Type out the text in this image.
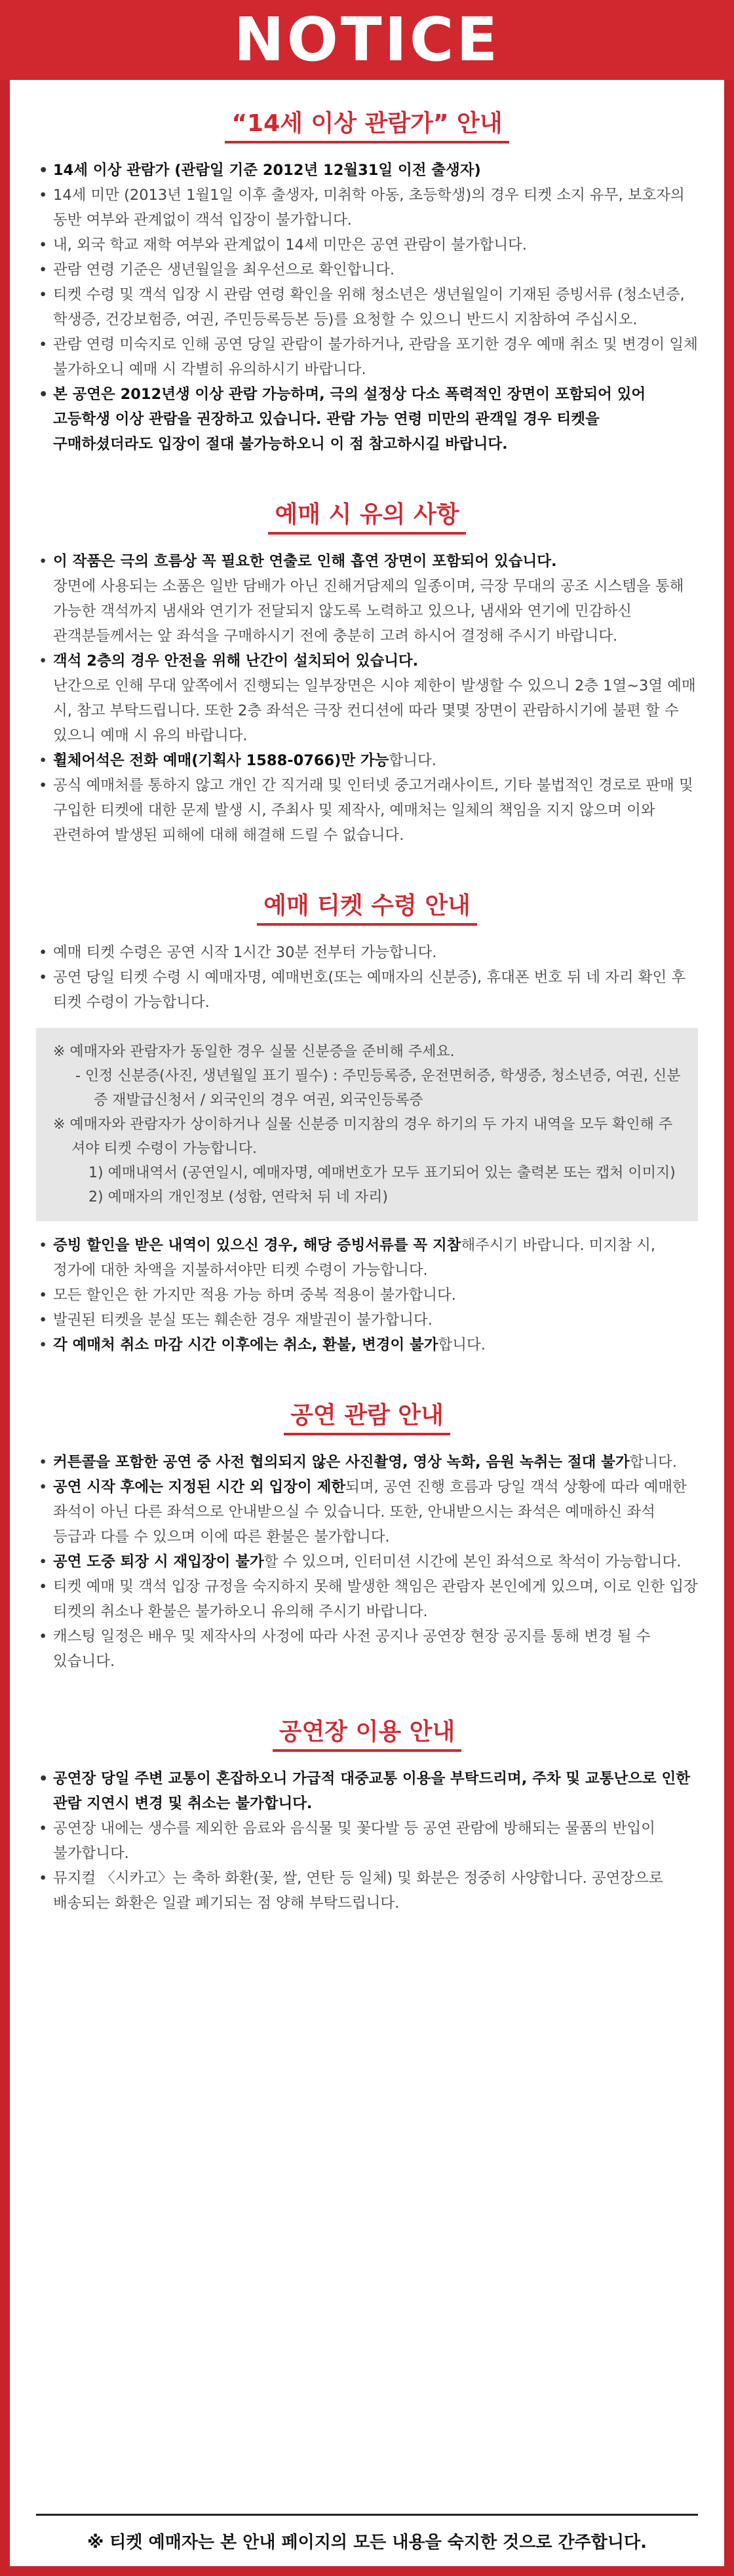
NOTICE
“14세 이상 관람가” 안내
• 14세 이상 관람가 (관람일 기준 2012년 12월31일 이전 출생자)
• 14세 미만 (2013년 1월1일 이후 출생자, 미취학 아동, 초등학생)의 경우 티켓 소지 유무, 보호자의 동반 여부와 관계없이 객석 입장이 불가합니다.
• 내, 외국 학교 재학 여부와 관계없이 14세 미만은 공연 관람이 불가합니다.
• 관람 연령 기준은 생년월일을 최우선으로 확인합니다.
• 티켓 수령 및 객석 입장 시 관람 연령 확인을 위해 청소년은 생년월일이 기재된 증빙서류 (청소년증, 학생증, 건강보험증, 여권, 주민등록등본 등)를 요청할 수 있으니 반드시 지참하여 주십시오.
• 관람 연령 미숙지로 인해 공연 당일 관람이 불가하거나, 관람을 포기한 경우 예매 취소 및 변경이 일체 불가하오니 예매 시 각별히 유의하시기 바랍니다.
• 본 공연은 2012년생 이상 관람 가능하며, 극의 설정상 다소 폭력적인 장면이 포함되어 있어 고등학생 이상 관람을 권장하고 있습니다. 관람 가능 연령 미만의 관객일 경우 티켓을 구매하셨더라도 입장이 절대 불가능하오니 이 점 참고하시길 바랍니다.
예매 시 유의 사항
• 이 작품은 극의 흐름상 꼭 필요한 연출로 인해 흡연 장면이 포함되어 있습니다.
장면에 사용되는 소품은 일반 담배가 아닌 진해거담제의 일종이며, 극장 무대의 공조 시스템을 통해 가능한 객석까지 냄새와 연기가 전달되지 않도록 노력하고 있으나, 냄새와 연기에 민감하신 관객분들께서는 앞 좌석을 구매하시기 전에 충분히 고려 하시어 결정해 주시기 바랍니다.
• 객석 2층의 경우 안전을 위해 난간이 설치되어 있습니다.
난간으로 인해 무대 앞쪽에서 진행되는 일부장면은 시야 제한이 발생할 수 있으니 2층 1열~3열 예매 시, 참고 부탁드립니다. 또한 2층 좌석은 극장 컨디션에 따라 몇몇 장면이 관람하시기에 불편 할 수 있으니 예매 시 유의 바랍니다.
• 휠체어석은 전화 예매(기획사 1588-0766)만 가능합니다.
• 공식 예매처를 통하지 않고 개인 간 직거래 및 인터넷 중고거래사이트, 기타 불법적인 경로로 판매 및 구입한 티켓에 대한 문제 발생 시, 주최사 및 제작사, 예매처는 일체의 책임을 지지 않으며 이와 관련하여 발생된 피해에 대해 해결해 드릴 수 없습니다.
예매 티켓 수령 안내
• 예매 티켓 수령은 공연 시작 1시간 30분 전부터 가능합니다.
• 공연 당일 티켓 수령 시 예매자명, 예매번호(또는 예매자의 신분증), 휴대폰 번호 뒤 네 자리 확인 후 티켓 수령이 가능합니다.
※ 예매자와 관람자가 동일한 경우 실물 신분증을 준비해 주세요.
- 인정 신분증(사진, 생년월일 표기 필수) : 주민등록증, 운전면허증, 학생증, 청소년증, 여권, 신분증 재발급신청서 / 외국인의 경우 여권, 외국인등록증
※ 예매자와 관람자가 상이하거나 실물 신분증 미지참의 경우 하기의 두 가지 내역을 모두 확인해 주셔야 티켓 수령이 가능합니다.
1) 예매내역서 (공연일시, 예매자명, 예매번호가 모두 표기되어 있는 출력본 또는 캡처 이미지)
2) 예매자의 개인정보 (성함, 연락처 뒤 네 자리)
• 증빙 할인을 받은 내역이 있으신 경우, 해당 증빙서류를 꼭 지참해주시기 바랍니다. 미지참 시, 정가에 대한 차액을 지불하셔야만 티켓 수령이 가능합니다.
• 모든 할인은 한 가지만 적용 가능 하며 중복 적용이 불가합니다.
• 발권된 티켓을 분실 또는 훼손한 경우 재발권이 불가합니다.
• 각 예매처 취소 마감 시간 이후에는 취소, 환불, 변경이 불가합니다.
공연 관람 안내
• 커튼콜을 포함한 공연 중 사전 협의되지 않은 사진촬영, 영상 녹화, 음원 녹취는 절대 불가합니다.
• 공연 시작 후에는 지정된 시간 외 입장이 제한되며, 공연 진행 흐름과 당일 객석 상황에 따라 예매한 좌석이 아닌 다른 좌석으로 안내받으실 수 있습니다. 또한, 안내받으시는 좌석은 예매하신 좌석 등급과 다를 수 있으며 이에 따른 환불은 불가합니다.
• 공연 도중 퇴장 시 재입장이 불가할 수 있으며, 인터미션 시간에 본인 좌석으로 착석이 가능합니다.
• 티켓 예매 및 객석 입장 규정을 숙지하지 못해 발생한 책임은 관람자 본인에게 있으며, 이로 인한 입장 티켓의 취소나 환불은 불가하오니 유의해 주시기 바랍니다.
• 캐스팅 일정은 배우 및 제작사의 사정에 따라 사전 공지나 공연장 현장 공지를 통해 변경 될 수 있습니다.
공연장 이용 안내
• 공연장 당일 주변 교통이 혼잡하오니 가급적 대중교통 이용을 부탁드리며, 주차 및 교통난으로 인한 관람 지연시 변경 및 취소는 불가합니다.
• 공연장 내에는 생수를 제외한 음료와 음식물 및 꽃다발 등 공연 관람에 방해되는 물품의 반입이 불가합니다.
• 뮤지컬 〈시카고〉는 축하 화환(꽃, 쌀, 연탄 등 일체) 및 화분은 정중히 사양합니다. 공연장으로 배송되는 화환은 일괄 폐기되는 점 양해 부탁드립니다.
※ 티켓 예매자는 본 안내 페이지의 모든 내용을 숙지한 것으로 간주합니다.
